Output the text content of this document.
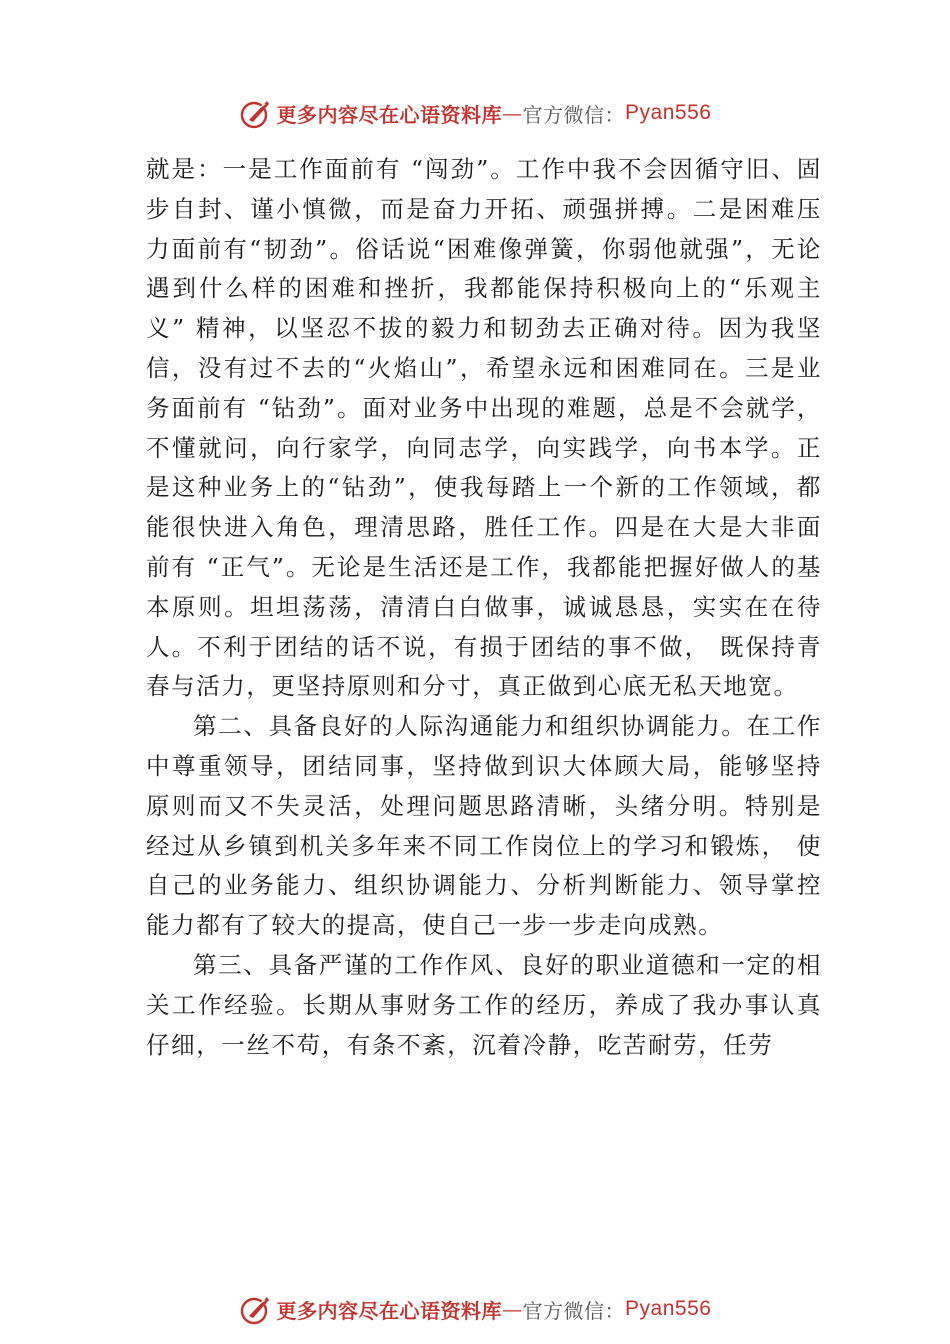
更多内容尽在心语资料库 — 官方微信： Pyan556

就是：一是工作面前有 “闯劲”。工作中我不会因循守旧、固步自封、谨小慎微，而是奋力开拓、顽强拼搏。二是困难压力面前有“韧劲”。俗话说“困难像弹簧，你弱他就强”，无论遇到什么样的困难和挫折，我都能保持积极向上的“乐观主义” 精神，以坚忍不拔的毅力和韧劲去正确对待。因为我坚信，没有过不去的“火焰山”，希望永远和困难同在。三是业务面前有 “钻劲”。面对业务中出现的难题，总是不会就学，不懂就问，向行家学，向同志学，向实践学，向书本学。正是这种业务上的“钻劲”，使我每踏上一个新的工作领域，都能很快进入角色，理清思路，胜任工作。四是在大是大非面前有 “正气”。无论是生活还是工作，我都能把握好做人的基本原则。坦坦荡荡，清清白白做事，诚诚恳恳，实实在在待人。不利于团结的话不说，有损于团结的事不做， 既保持青春与活力，更坚持原则和分寸，真正做到心底无私天地宽。

第二、具备良好的人际沟通能力和组织协调能力。在工作中尊重领导，团结同事，坚持做到识大体顾大局，能够坚持原则而又不失灵活，处理问题思路清晰，头绪分明。特别是经过从乡镇到机关多年来不同工作岗位上的学习和锻炼， 使自己的业务能力、组织协调能力、分析判断能力、领导掌控能力都有了较大的提高，使自己一步一步走向成熟。

第三、具备严谨的工作作风、良好的职业道德和一定的相关工作经验。长期从事财务工作的经历，养成了我办事认真仔细，一丝不苟，有条不紊，沉着冷静，吃苦耐劳，任劳

更多内容尽在心语资料库 — 官方微信： Pyan556
